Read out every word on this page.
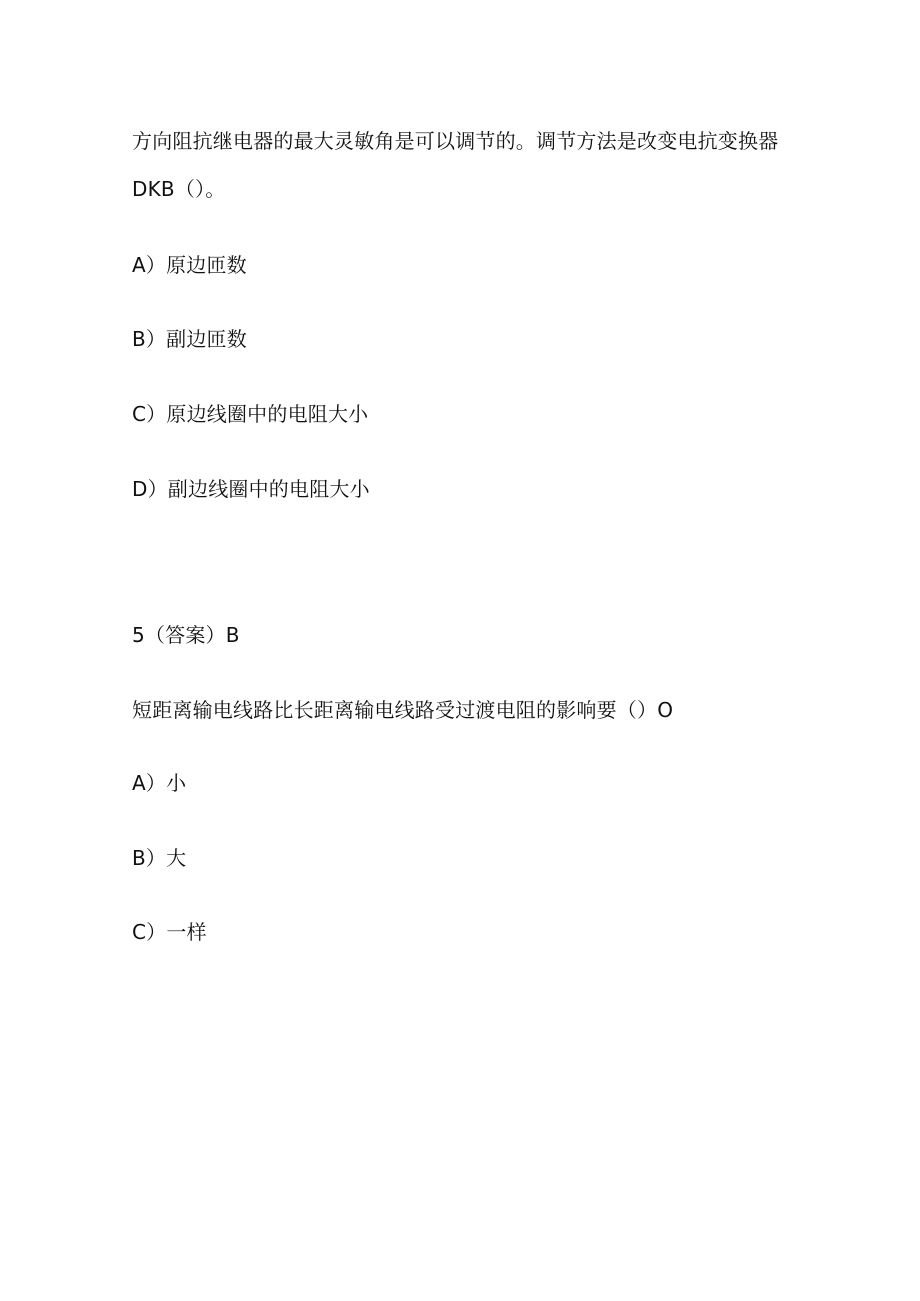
方向阻抗继电器的最大灵敏角是可以调节的。调节方法是改变电抗变换器
DKB（）。
A）原边匝数
B）副边匝数
C）原边线圈中的电阻大小
D）副边线圈中的电阻大小
5（答案）B
短距离输电线路比长距离输电线路受过渡电阻的影响要（）O
A）小
B）大
C）一样
